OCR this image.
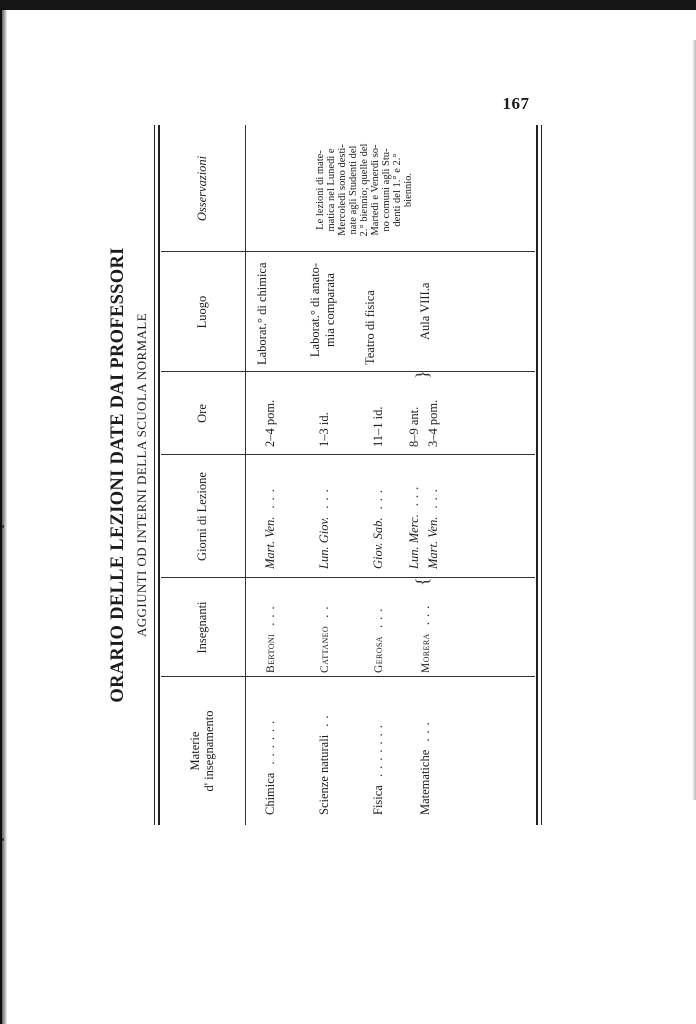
167
ORARIO DELLE LEZIONI DATE DAI PROFESSORI AGGIUNTI OD INTERNI DELLA SCUOLA NORMALE
Materie d' insegnamento
Insegnanti
Giorni di Lezione
Ore
Luogo
Osservazioni
Chimica ......
Bertoni ...
Mart. Ven. ...
2–4 pom.
Laborat.° di chimica
Scienze naturali ..
Cattaneo ..
Lun. Giov. ...
1–3 id.
Laborat.° di anato- mia comparata
Fisica .......
Gerosa ...
Giov. Sab. ...
11–1 id.
Teatro di fisica
Matematiche ...
Morera ...
{
Lun. Merc. ...
Mart. Ven. ...
8–9 ant. 3–4 pom.
}
Aula VIII.a
Le lezioni di mate- matica nel Lunedì e Mercoledì sono desti- nate agli Studenti del 2.° biennio; quelle del Martedì e Venerdì so- no comuni agli Stu- denti del 1.° e 2.° biennio.
